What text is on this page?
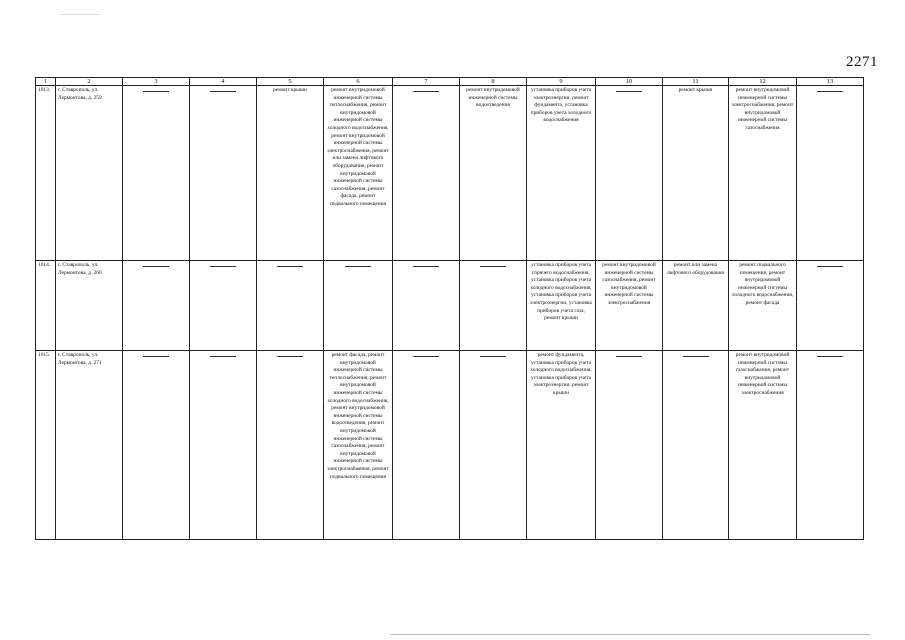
2271
1	2	3	4	5	6	7	8	9	10	11	12	13
1013.	г. Ставрополь, ул. Лермонтова, д. 259			ремонт крыши	ремонт внутридомовой инженерной системы теплоснабжения, ремонт внутридомовой инженерной системы холодного водоснабжения, ремонт внутридомовой инженерной системы электроснабжения, ремонт или замена лифтового оборудования, ремонт внутридомовой инженерной системы газоснабжения, ремонт фасада, ремонт подвального помещения		ремонт внутридомовой инженерной системы водоотведения	установка приборов учета электроэнергии, ремонт фундамента, установка приборов учета холодного водоснабжения		ремонт крыши	ремонт внутридомовой инженерной системы электроснабжения, ремонт внутридомовой инженерной системы газоснабжения	
1014.	г. Ставрополь, ул. Лермонтова, д. 260							установка приборов учета горячего водоснабжения, установка приборов учета холодного водоснабжения, установка приборов учета электроэнергии, установка приборов учета газа, ремонт крыши	ремонт внутридомовой инженерной системы газоснабжения, ремонт внутридомовой инженерной системы электроснабжения	ремонт или замена лифтового оборудования	ремонт подвального помещения, ремонт внутридомовой инженерной системы холодного водоснабжения, ремонт фасада	
1015.	г. Ставрополь, ул. Лермонтова, д. 271				ремонт фасада, ремонт внутридомовой инженерной системы теплоснабжения, ремонт внутридомовой инженерной системы холодного водоснабжения, ремонт внутридомовой инженерной системы водоотведения, ремонт внутридомовой инженерной системы газоснабжения, ремонт внутридомовой инженерной системы электроснабжения, ремонт подвального помещения			ремонт фундамента, установка приборов учета холодного водоснабжения, установка приборов учета электроэнергии, ремонт крыши			ремонт внутридомовой инженерной системы газоснабжения, ремонт внутридомовой инженерной системы электроснабжения	
